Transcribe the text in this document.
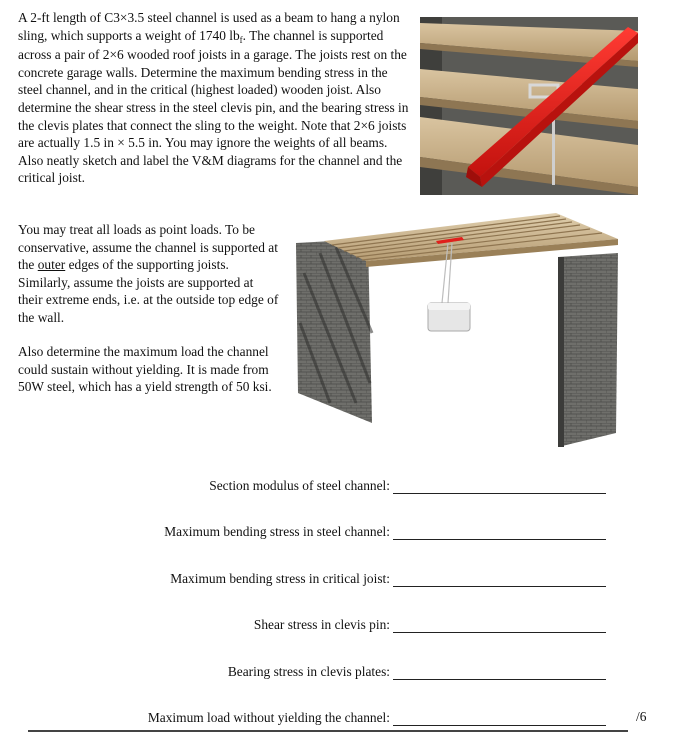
A 2-ft length of C3×3.5 steel channel is used as a beam to hang a nylon sling, which supports a weight of 1740 $lb_f$. The channel is supported across a pair of 2×6 wooded roof joists in a garage. The joists rest on the concrete garage walls. Determine the maximum bending stress in the steel channel, and in the critical (highest loaded) wooden joist. Also determine the shear stress in the steel clevis pin, and the bearing stress in the clevis plates that connect the sling to the weight. Note that 2×6 joists are actually 1.5 in × 5.5 in. You may ignore the weights of all beams. Also neatly sketch and label the V&M diagrams for the channel and the critical joist.

You may treat all loads as point loads. To be conservative, assume the channel is supported at the outer edges of the supporting joists. Similarly, assume the joists are supported at their extreme ends, i.e. at the outside top edge of the wall.

Also determine the maximum load the channel could sustain without yielding. It is made from 50W steel, which has a yield strength of 50 ksi.

Section modulus of steel channel:
Maximum bending stress in steel channel:
Maximum bending stress in critical joist:
Shear stress in clevis pin:
Bearing stress in clevis plates:
Maximum load without yielding the channel:	/6
